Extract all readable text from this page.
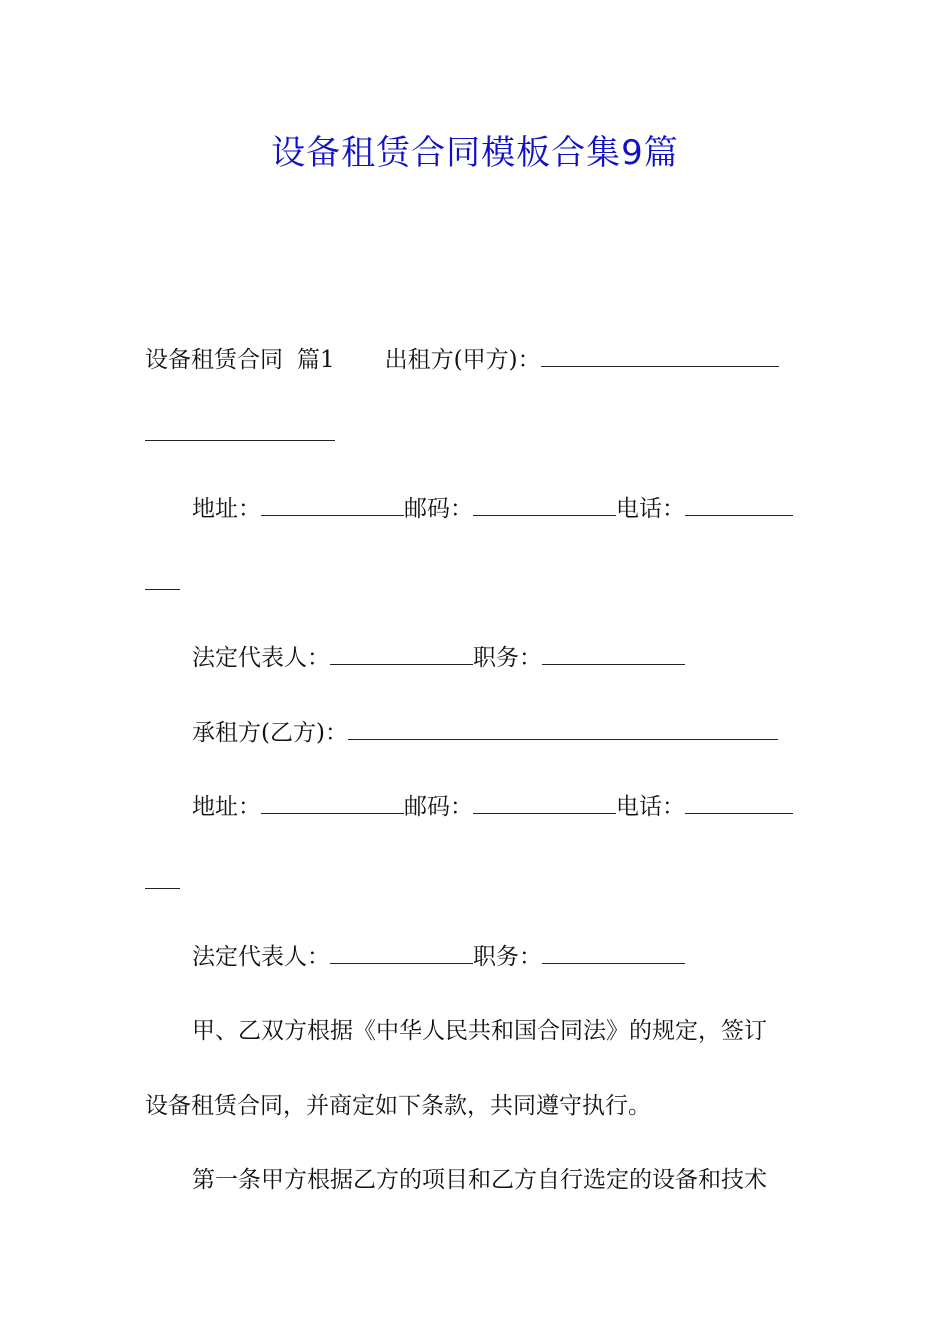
设备租赁合同模板合集9篇
设备租赁合同 篇1 出租方(甲方)：
地址：	邮码：	电话：
法定代表人：	职务：
承租方(乙方)：
地址：	邮码：	电话：
法定代表人：	职务：
甲、乙双方根据《中华人民共和国合同法》的规定，签订
设备租赁合同，并商定如下条款，共同遵守执行。
第一条甲方根据乙方的项目和乙方自行选定的设备和技术
